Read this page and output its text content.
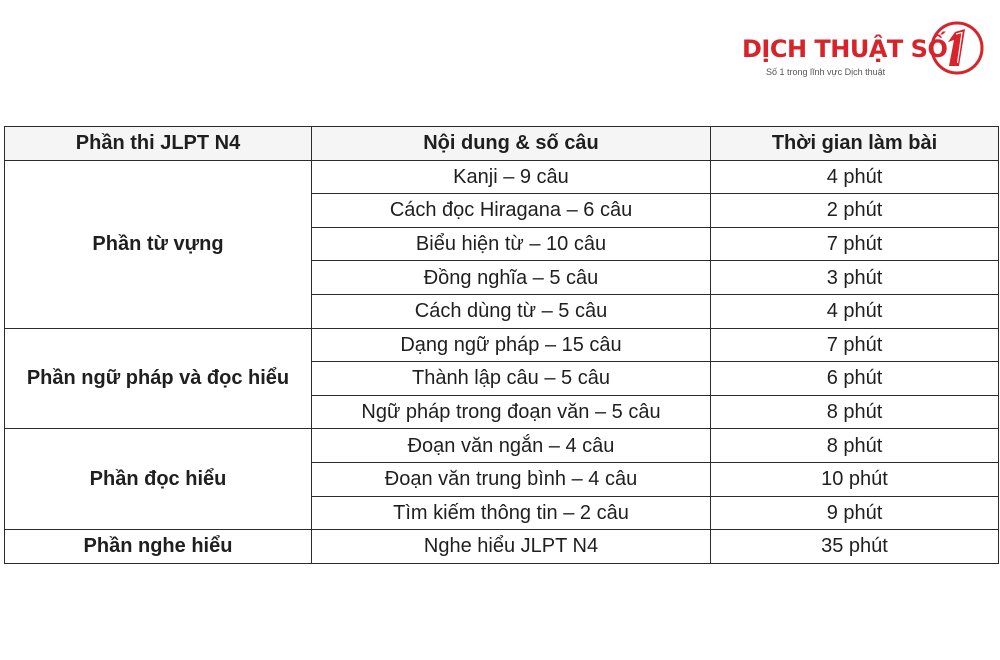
DỊCH THUẬT SỐ
Số 1 trong lĩnh vực Dịch thuật
Phần thi JLPT N4	Nội dung & số câu	Thời gian làm bài
Phần từ vựng	Kanji – 9 câu	4 phút
	Cách đọc Hiragana – 6 câu	2 phút
	Biểu hiện từ – 10 câu	7 phút
	Đồng nghĩa – 5 câu	3 phút
	Cách dùng từ – 5 câu	4 phút
Phần ngữ pháp và đọc hiểu	Dạng ngữ pháp – 15 câu	7 phút
	Thành lập câu – 5 câu	6 phút
	Ngữ pháp trong đoạn văn – 5 câu	8 phút
Phần đọc hiểu	Đoạn văn ngắn – 4 câu	8 phút
	Đoạn văn trung bình – 4 câu	10 phút
	Tìm kiếm thông tin – 2 câu	9 phút
Phần nghe hiểu	Nghe hiểu JLPT N4	35 phút
